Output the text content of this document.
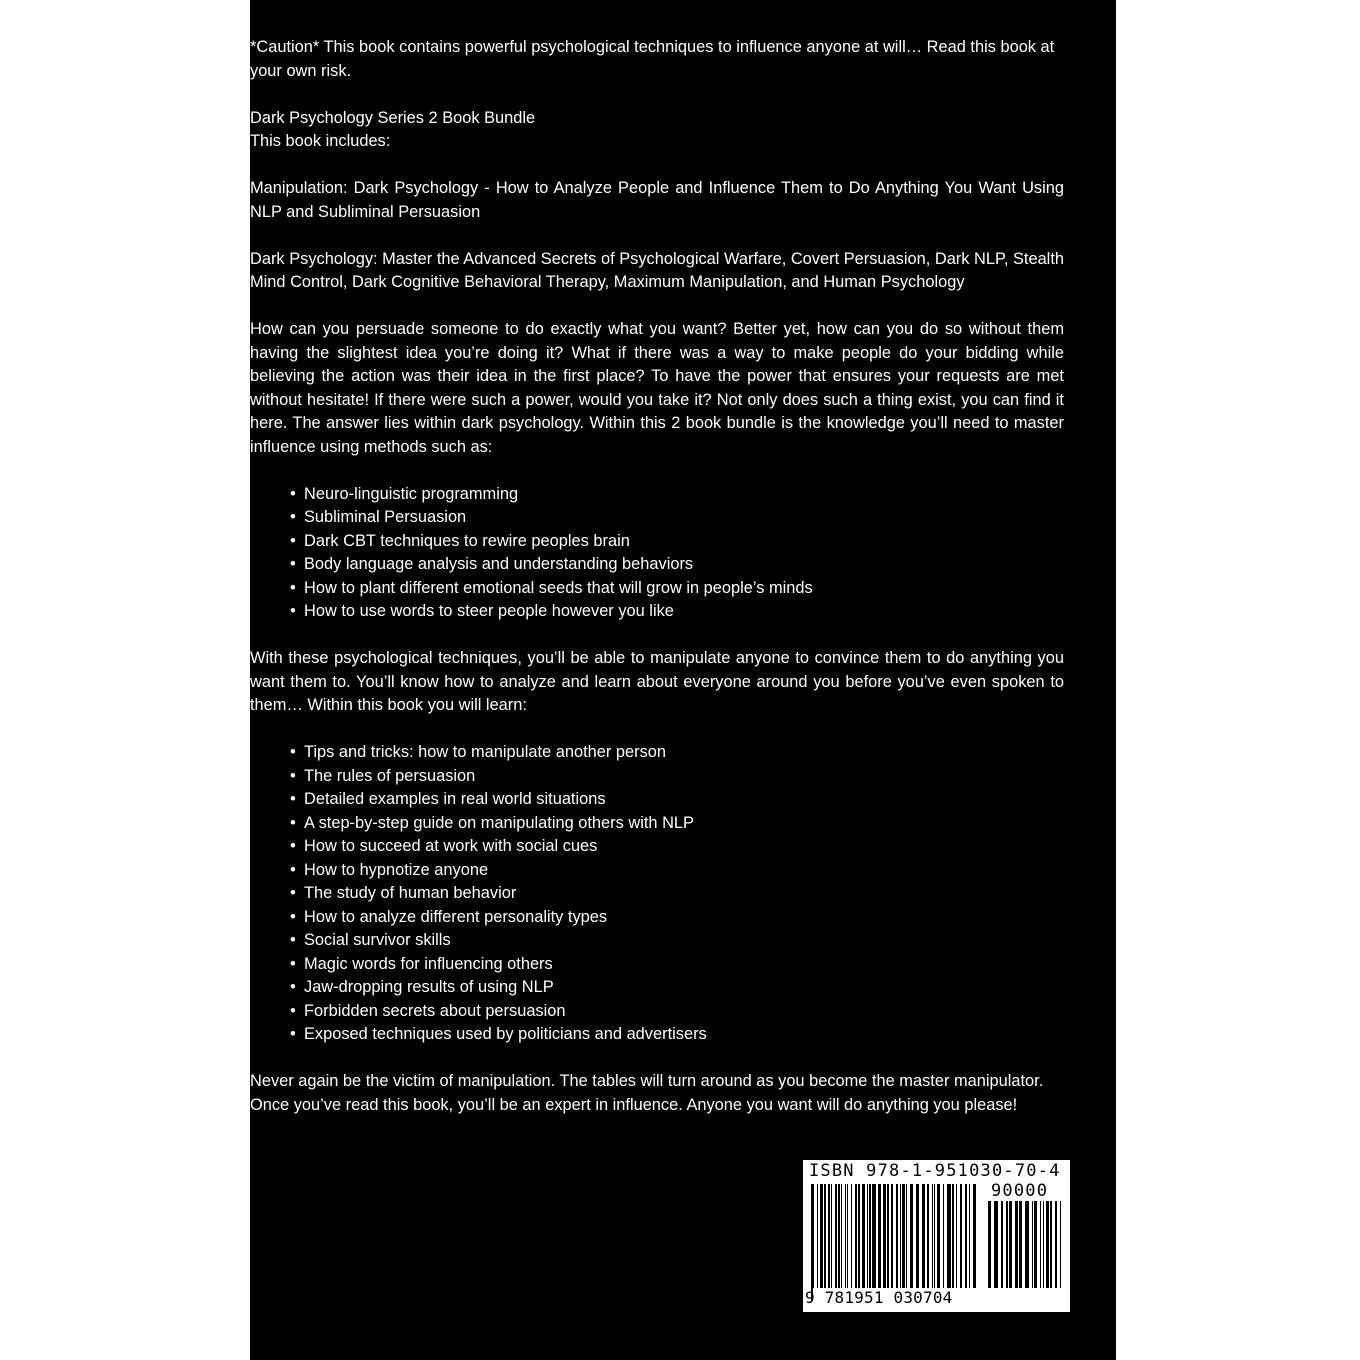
*Caution* This book contains powerful psychological techniques to influence anyone at will… Read this book at your own risk.

Dark Psychology Series 2 Book Bundle
This book includes:

Manipulation: Dark Psychology - How to Analyze People and Influence Them to Do Anything You Want Using NLP and Subliminal Persuasion

Dark Psychology: Master the Advanced Secrets of Psychological Warfare, Covert Persuasion, Dark NLP, Stealth Mind Control, Dark Cognitive Behavioral Therapy, Maximum Manipulation, and Human Psychology

How can you persuade someone to do exactly what you want? Better yet, how can you do so without them having the slightest idea you’re doing it? What if there was a way to make people do your bidding while believing the action was their idea in the first place? To have the power that ensures your requests are met without hesitate! If there were such a power, would you take it? Not only does such a thing exist, you can find it here. The answer lies within dark psychology. Within this 2 book bundle is the knowledge you’ll need to master influence using methods such as:

• Neuro-linguistic programming
• Subliminal Persuasion
• Dark CBT techniques to rewire peoples brain
• Body language analysis and understanding behaviors
• How to plant different emotional seeds that will grow in people’s minds
• How to use words to steer people however you like

With these psychological techniques, you’ll be able to manipulate anyone to convince them to do anything you want them to. You’ll know how to analyze and learn about everyone around you before you’ve even spoken to them… Within this book you will learn:

• Tips and tricks: how to manipulate another person
• The rules of persuasion
• Detailed examples in real world situations
• A step-by-step guide on manipulating others with NLP
• How to succeed at work with social cues
• How to hypnotize anyone
• The study of human behavior
• How to analyze different personality types
• Social survivor skills
• Magic words for influencing others
• Jaw-dropping results of using NLP
• Forbidden secrets about persuasion
• Exposed techniques used by politicians and advertisers

Never again be the victim of manipulation. The tables will turn around as you become the master manipulator. Once you’ve read this book, you’ll be an expert in influence. Anyone you want will do anything you please!

ISBN 978-1-951030-70-4
90000
9 781951 030704
